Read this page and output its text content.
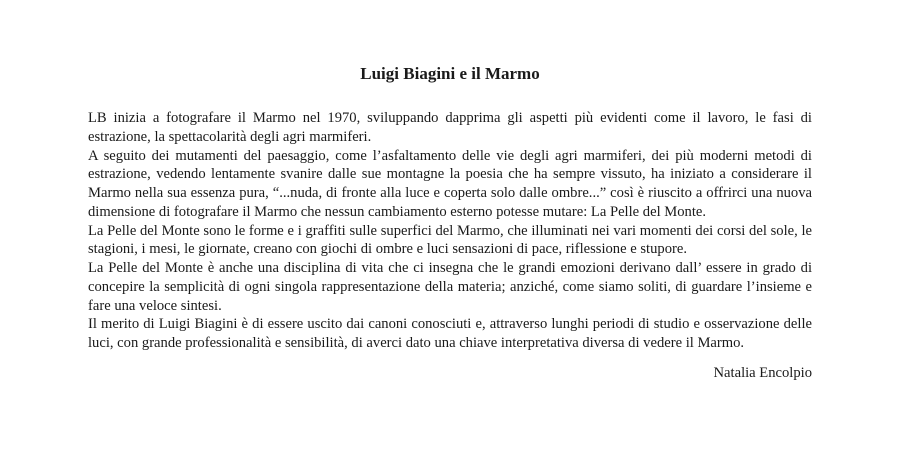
Luigi Biagini e il Marmo

LB inizia a fotografare il Marmo nel 1970, sviluppando dapprima gli aspetti più evidenti come il lavoro, le fasi di estrazione, la spettacolarità degli agri marmiferi.

A seguito dei mutamenti del paesaggio, come l’asfaltamento delle vie degli agri marmiferi, dei più moderni metodi di estrazione, vedendo lentamente svanire dalle sue montagne la poesia che ha sempre vissuto, ha iniziato a considerare il Marmo nella sua essenza pura, “...nuda, di fronte alla luce e coperta solo dalle ombre...” così è riuscito a offrirci una nuova dimensione di fotografare il Marmo che nessun cambiamento esterno potesse mutare: La Pelle del Monte.

La Pelle del Monte sono le forme e i graffiti sulle superfici del Marmo, che illuminati nei vari momenti dei corsi del sole, le stagioni, i mesi, le giornate, creano con giochi di ombre e luci sensazioni di pace, riflessione e stupore.

La Pelle del Monte è anche una disciplina di vita che ci insegna che le grandi emozioni derivano dall’ essere in grado di concepire la semplicità di ogni singola rappresentazione della materia; anziché, come siamo soliti, di guardare l’insieme e fare una veloce sintesi.

Il merito di Luigi Biagini è di essere uscito dai canoni conosciuti e, attraverso lunghi periodi di studio e osservazione delle luci, con grande professionalità e sensibilità, di averci dato una chiave interpretativa diversa di vedere il Marmo.

Natalia Encolpio
